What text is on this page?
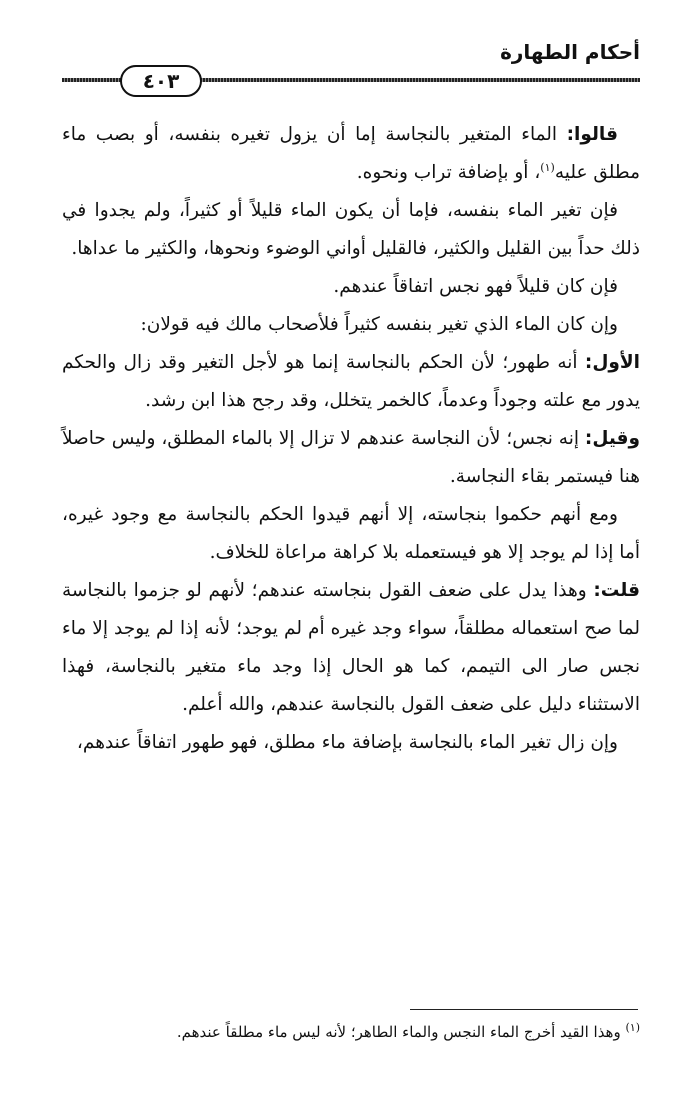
أحكام الطهارة
٤٠٣

قالوا: الماء المتغير بالنجاسة إما أن يزول تغيره بنفسه، أو بصب ماء مطلق عليه$^{(١)}$، أو بإضافة تراب ونحوه.

فإن تغير الماء بنفسه، فإما أن يكون الماء قليلاً أو كثيراً، ولم يجدوا في ذلك حداً بين القليل والكثير، فالقليل أواني الوضوء ونحوها، والكثير ما عداها.

فإن كان قليلاً فهو نجس اتفاقاً عندهم.

وإن كان الماء الذي تغير بنفسه كثيراً فلأصحاب مالك فيه قولان:

الأول: أنه طهور؛ لأن الحكم بالنجاسة إنما هو لأجل التغير وقد زال والحكم يدور مع علته وجوداً وعدماً، كالخمر يتخلل، وقد رجح هذا ابن رشد.

وقيل: إنه نجس؛ لأن النجاسة عندهم لا تزال إلا بالماء المطلق، وليس حاصلاً هنا فيستمر بقاء النجاسة.

ومع أنهم حكموا بنجاسته، إلا أنهم قيدوا الحكم بالنجاسة مع وجود غيره، أما إذا لم يوجد إلا هو فيستعمله بلا كراهة مراعاة للخلاف.

قلت: وهذا يدل على ضعف القول بنجاسته عندهم؛ لأنهم لو جزموا بالنجاسة لما صح استعماله مطلقاً، سواء وجد غيره أم لم يوجد؛ لأنه إذا لم يوجد إلا ماء نجس صار الى التيمم، كما هو الحال إذا وجد ماء متغير بالنجاسة، فهذا الاستثناء دليل على ضعف القول بالنجاسة عندهم، والله أعلم.

وإن زال تغير الماء بالنجاسة بإضافة ماء مطلق، فهو طهور اتفاقاً عندهم،

$^{(١)}$ وهذا القيد أخرج الماء النجس والماء الطاهر؛ لأنه ليس ماء مطلقاً عندهم.
